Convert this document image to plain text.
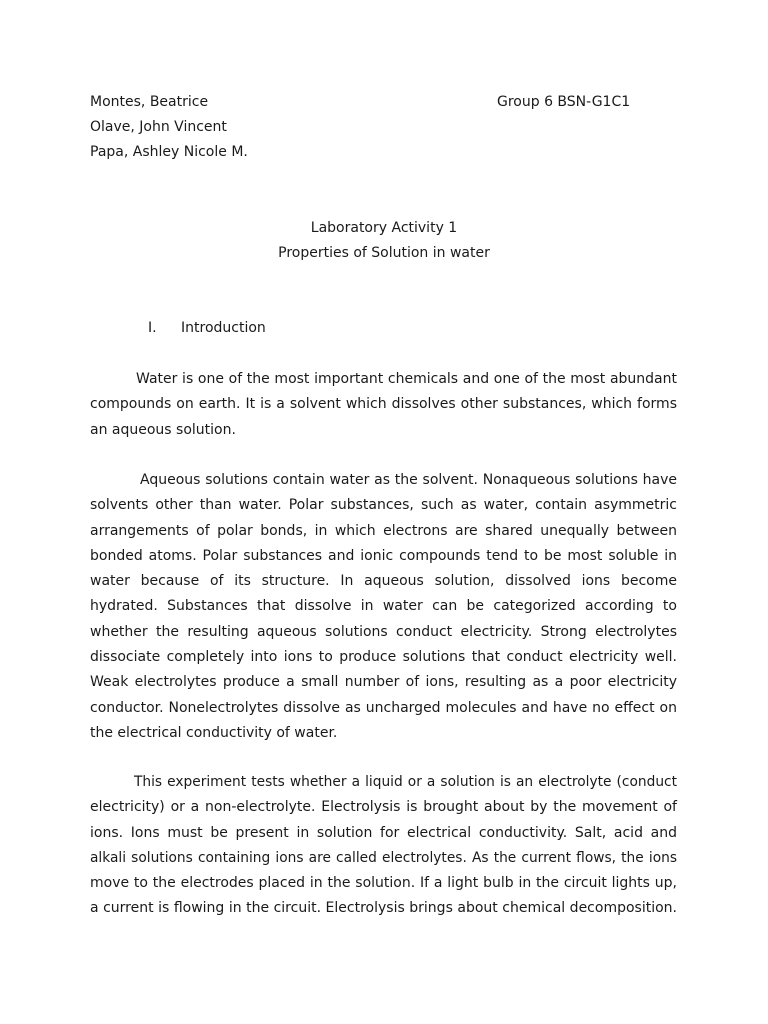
Montes, Beatrice
Olave, John Vincent
Papa, Ashley Nicole M.
Group 6 BSN-G1C1
Laboratory Activity 1
Properties of Solution in water
I. Introduction
Water is one of the most important chemicals and one of the most abundant
compounds on earth. It is a solvent which dissolves other substances, which forms
an aqueous solution.
Aqueous solutions contain water as the solvent. Nonaqueous solutions have
solvents other than water. Polar substances, such as water, contain asymmetric
arrangements of polar bonds, in which electrons are shared unequally between
bonded atoms. Polar substances and ionic compounds tend to be most soluble in
water because of its structure. In aqueous solution, dissolved ions become
hydrated. Substances that dissolve in water can be categorized according to
whether the resulting aqueous solutions conduct electricity. Strong electrolytes
dissociate completely into ions to produce solutions that conduct electricity well.
Weak electrolytes produce a small number of ions, resulting as a poor electricity
conductor. Nonelectrolytes dissolve as uncharged molecules and have no effect on
the electrical conductivity of water.
This experiment tests whether a liquid or a solution is an electrolyte (conduct
electricity) or a non-electrolyte. Electrolysis is brought about by the movement of
ions. Ions must be present in solution for electrical conductivity. Salt, acid and
alkali solutions containing ions are called electrolytes. As the current flows, the ions
move to the electrodes placed in the solution. If a light bulb in the circuit lights up,
a current is flowing in the circuit. Electrolysis brings about chemical decomposition.
